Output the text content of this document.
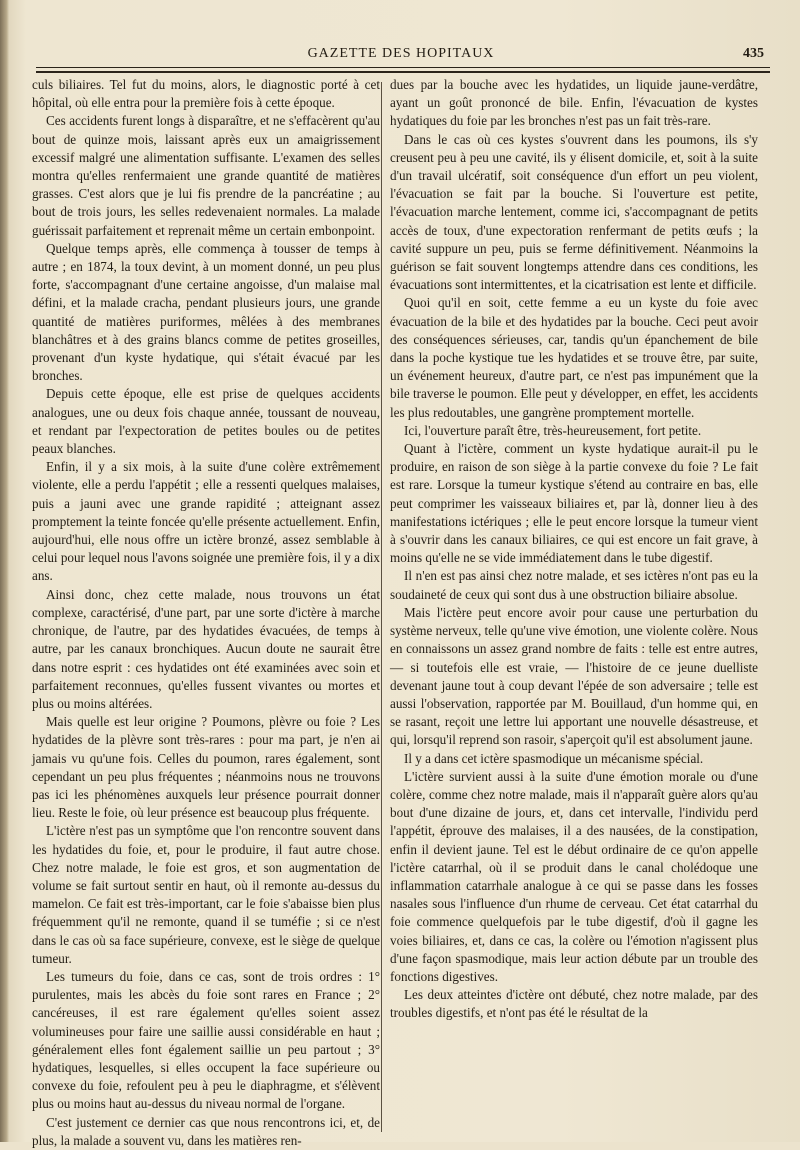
GAZETTE DES HOPITAUX	435

culs biliaires. Tel fut du moins, alors, le diagnostic porté à cet hôpital, où elle entra pour la première fois à cette époque.

Ces accidents furent longs à disparaître, et ne s'effacèrent qu'au bout de quinze mois, laissant après eux un amaigrissement excessif malgré une alimentation suffisante. L'examen des selles montra qu'elles renfermaient une grande quantité de matières grasses. C'est alors que je lui fis prendre de la pancréatine ; au bout de trois jours, les selles redevenaient normales. La malade guérissait parfaitement et reprenait même un certain embonpoint.

Quelque temps après, elle commença à tousser de temps à autre ; en 1874, la toux devint, à un moment donné, un peu plus forte, s'accompagnant d'une certaine angoisse, d'un malaise mal défini, et la malade cracha, pendant plusieurs jours, une grande quantité de matières puriformes, mêlées à des membranes blanchâtres et à des grains blancs comme de petites groseilles, provenant d'un kyste hydatique, qui s'était évacué par les bronches.

Depuis cette époque, elle est prise de quelques accidents analogues, une ou deux fois chaque année, toussant de nouveau, et rendant par l'expectoration de petites boules ou de petites peaux blanches.

Enfin, il y a six mois, à la suite d'une colère extrêmement violente, elle a perdu l'appétit ; elle a ressenti quelques malaises, puis a jauni avec une grande rapidité ; atteignant assez promptement la teinte foncée qu'elle présente actuellement. Enfin, aujourd'hui, elle nous offre un ictère bronzé, assez semblable à celui pour lequel nous l'avons soignée une première fois, il y a dix ans.

Ainsi donc, chez cette malade, nous trouvons un état complexe, caractérisé, d'une part, par une sorte d'ictère à marche chronique, de l'autre, par des hydatides évacuées, de temps à autre, par les canaux bronchiques. Aucun doute ne saurait être dans notre esprit : ces hydatides ont été examinées avec soin et parfaitement reconnues, qu'elles fussent vivantes ou mortes et plus ou moins altérées.

Mais quelle est leur origine ? Poumons, plèvre ou foie ? Les hydatides de la plèvre sont très-rares : pour ma part, je n'en ai jamais vu qu'une fois. Celles du poumon, rares également, sont cependant un peu plus fréquentes ; néanmoins nous ne trouvons pas ici les phénomènes auxquels leur présence pourrait donner lieu. Reste le foie, où leur présence est beaucoup plus fréquente.

L'ictère n'est pas un symptôme que l'on rencontre souvent dans les hydatides du foie, et, pour le produire, il faut autre chose. Chez notre malade, le foie est gros, et son augmentation de volume se fait surtout sentir en haut, où il remonte au-dessus du mamelon. Ce fait est très-important, car le foie s'abaisse bien plus fréquemment qu'il ne remonte, quand il se tuméfie ; si ce n'est dans le cas où sa face supérieure, convexe, est le siège de quelque tumeur.

Les tumeurs du foie, dans ce cas, sont de trois ordres : 1° purulentes, mais les abcès du foie sont rares en France ; 2° cancéreuses, il est rare également qu'elles soient assez volumineuses pour faire une saillie aussi considérable en haut ; généralement elles font également saillie un peu partout ; 3° hydatiques, lesquelles, si elles occupent la face supérieure ou convexe du foie, refoulent peu à peu le diaphragme, et s'élèvent plus ou moins haut au-dessus du niveau normal de l'organe.

C'est justement ce dernier cas que nous rencontrons ici, et, de plus, la malade a souvent vu, dans les matières ren-

dues par la bouche avec les hydatides, un liquide jaune-verdâtre, ayant un goût prononcé de bile. Enfin, l'évacuation de kystes hydatiques du foie par les bronches n'est pas un fait très-rare.

Dans le cas où ces kystes s'ouvrent dans les poumons, ils s'y creusent peu à peu une cavité, ils y élisent domicile, et, soit à la suite d'un travail ulcératif, soit conséquence d'un effort un peu violent, l'évacuation se fait par la bouche. Si l'ouverture est petite, l'évacuation marche lentement, comme ici, s'accompagnant de petits accès de toux, d'une expectoration renfermant de petits œufs ; la cavité suppure un peu, puis se ferme définitivement. Néanmoins la guérison se fait souvent longtemps attendre dans ces conditions, les évacuations sont intermittentes, et la cicatrisation est lente et difficile.

Quoi qu'il en soit, cette femme a eu un kyste du foie avec évacuation de la bile et des hydatides par la bouche. Ceci peut avoir des conséquences sérieuses, car, tandis qu'un épanchement de bile dans la poche kystique tue les hydatides et se trouve être, par suite, un événement heureux, d'autre part, ce n'est pas impunément que la bile traverse le poumon. Elle peut y développer, en effet, les accidents les plus redoutables, une gangrène promptement mortelle.

Ici, l'ouverture paraît être, très-heureusement, fort petite.

Quant à l'ictère, comment un kyste hydatique aurait-il pu le produire, en raison de son siège à la partie convexe du foie ? Le fait est rare. Lorsque la tumeur kystique s'étend au contraire en bas, elle peut comprimer les vaisseaux biliaires et, par là, donner lieu à des manifestations ictériques ; elle le peut encore lorsque la tumeur vient à s'ouvrir dans les canaux biliaires, ce qui est encore un fait grave, à moins qu'elle ne se vide immédiatement dans le tube digestif.

Il n'en est pas ainsi chez notre malade, et ses ictères n'ont pas eu la soudaineté de ceux qui sont dus à une obstruction biliaire absolue.

Mais l'ictère peut encore avoir pour cause une perturbation du système nerveux, telle qu'une vive émotion, une violente colère. Nous en connaissons un assez grand nombre de faits : telle est entre autres, — si toutefois elle est vraie, — l'histoire de ce jeune duelliste devenant jaune tout à coup devant l'épée de son adversaire ; telle est aussi l'observation, rapportée par M. Bouillaud, d'un homme qui, en se rasant, reçoit une lettre lui apportant une nouvelle désastreuse, et qui, lorsqu'il reprend son rasoir, s'aperçoit qu'il est absolument jaune.

Il y a dans cet ictère spasmodique un mécanisme spécial.

L'ictère survient aussi à la suite d'une émotion morale ou d'une colère, comme chez notre malade, mais il n'apparaît guère alors qu'au bout d'une dizaine de jours, et, dans cet intervalle, l'individu perd l'appétit, éprouve des malaises, il a des nausées, de la constipation, enfin il devient jaune. Tel est le début ordinaire de ce qu'on appelle l'ictère catarrhal, où il se produit dans le canal cholédoque une inflammation catarrhale analogue à ce qui se passe dans les fosses nasales sous l'influence d'un rhume de cerveau. Cet état catarrhal du foie commence quelquefois par le tube digestif, d'où il gagne les voies biliaires, et, dans ce cas, la colère ou l'émotion n'agissent plus d'une façon spasmodique, mais leur action débute par un trouble des fonctions digestives.

Les deux atteintes d'ictère ont débuté, chez notre malade, par des troubles digestifs, et n'ont pas été le résultat de la
